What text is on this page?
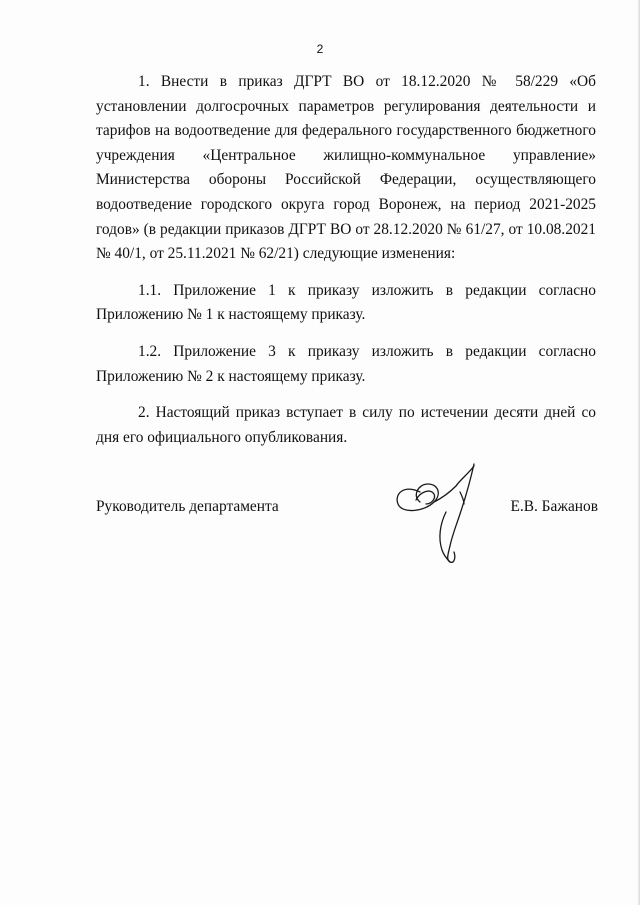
2

1. Внести в приказ ДГРТ ВО от 18.12.2020 № 58/229 «Об установлении долгосрочных параметров регулирования деятельности и тарифов на водоотведение для федерального государственного бюджетного учреждения «Центральное жилищно-коммунальное управление» Министерства обороны Российской Федерации, осуществляющего водоотведение городского округа город Воронеж, на период 2021-2025 годов» (в редакции приказов ДГРТ ВО от 28.12.2020 № 61/27, от 10.08.2021 № 40/1, от 25.11.2021 № 62/21) следующие изменения:

1.1. Приложение 1 к приказу изложить в редакции согласно Приложению № 1 к настоящему приказу.

1.2. Приложение 3 к приказу изложить в редакции согласно Приложению № 2 к настоящему приказу.

2. Настоящий приказ вступает в силу по истечении десяти дней со дня его официального опубликования.

Руководитель департамента	Е.В. Бажанов
